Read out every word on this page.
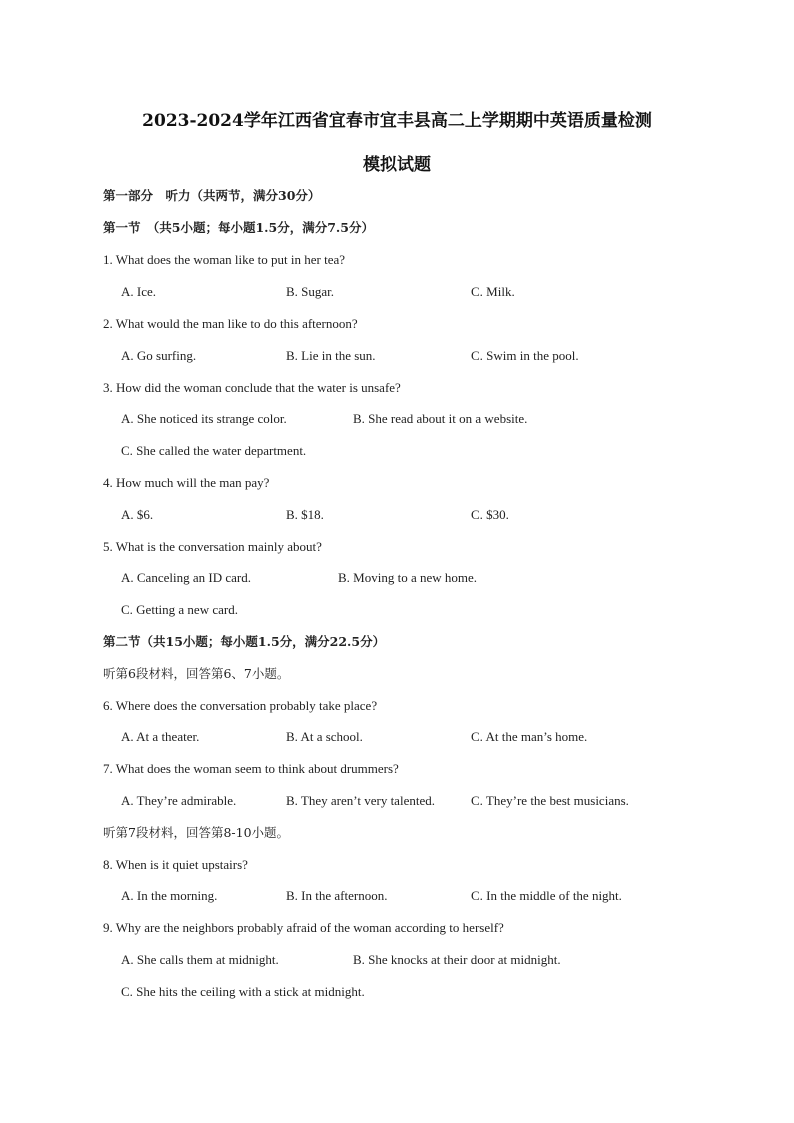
2023-2024学年江西省宜春市宜丰县高二上学期期中英语质量检测
模拟试题
第一部分　听力（共两节，满分30分）
第一节　（共5小题；每小题1.5分，满分7.5分）
1. What does the woman like to put in her tea?
A. Ice.	B. Sugar.	C. Milk.
2. What would the man like to do this afternoon?
A. Go surfing.	B. Lie in the sun.	C. Swim in the pool.
3. How did the woman conclude that the water is unsafe?
A. She noticed its strange color.	B. She read about it on a website.
C. She called the water department.
4. How much will the man pay?
A. $6.	B. $18.	C. $30.
5. What is the conversation mainly about?
A. Canceling an ID card.	B. Moving to a new home.
C. Getting a new card.
第二节（共15小题；每小题1.5分，满分22.5分）
听第6段材料，回答第6、7小题。
6. Where does the conversation probably take place?
A. At a theater.	B. At a school.	C. At the man’s home.
7. What does the woman seem to think about drummers?
A. They’re admirable.	B. They aren’t very talented.	C. They’re the best musicians.
听第7段材料，回答第8-10小题。
8. When is it quiet upstairs?
A. In the morning.	B. In the afternoon.	C. In the middle of the night.
9. Why are the neighbors probably afraid of the woman according to herself?
A. She calls them at midnight.	B. She knocks at their door at midnight.
C. She hits the ceiling with a stick at midnight.
